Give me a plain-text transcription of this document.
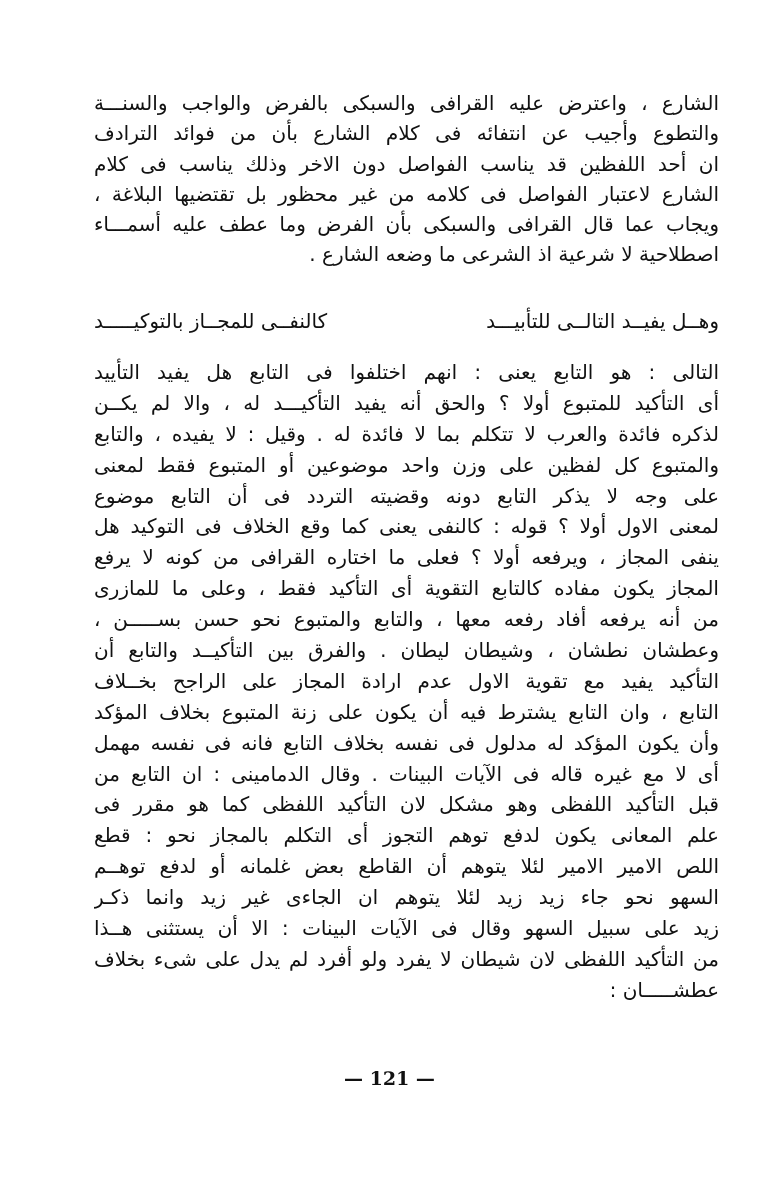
الشارع ، واعترض عليه القرافى والسبكى بالفرض والواجب والسنـــة
والتطوع وأجيب عن انتفائه فى كلام الشارع بأن من فوائد الترادف
ان أحد اللفظين قد يناسب الفواصل دون الاخر وذلك يناسب فى كلام
الشارع لاعتبار الفواصل فى كلامه من غير محظور بل تقتضيها البلاغة ،
ويجاب عما قال القرافى والسبكى بأن الفرض وما عطف عليه أسمـــاء
اصطلاحية لا شرعية اذ الشرعى ما وضعه الشارع .
وهــل يفيــد التالــى للتأبيـــد
كالنفــى للمجــاز بالتوكيـــــد
التالى : هو التابع يعنى : انهم اختلفوا فى التابع هل يفيد التأييد
أى التأكيد للمتبوع أولا ؟ والحق أنه يفيد التأكيـــد له ، والا لم يكــن
لذكره فائدة والعرب لا تتكلم بما لا فائدة له . وقيل : لا يفيده ، والتابع
والمتبوع كل لفظين على وزن واحد موضوعين أو المتبوع فقط لمعنى
على وجه لا يذكر التابع دونه وقضيته التردد فى أن التابع موضوع
لمعنى الاول أولا ؟ قوله : كالنفى يعنى كما وقع الخلاف فى التوكيد هل
ينفى المجاز ، ويرفعه أولا ؟ فعلى ما اختاره القرافى من كونه لا يرفع
المجاز يكون مفاده كالتابع التقوية أى التأكيد فقط ، وعلى ما للمازرى
من أنه يرفعه أفاد رفعه معها ، والتابع والمتبوع نحو حسن بســـــن ،
وعطشان نطشان ، وشيطان ليطان . والفرق بين التأكيــد والتابع أن
التأكيد يفيد مع تقوية الاول عدم ارادة المجاز على الراجح بخــلاف
التابع ، وان التابع يشترط فيه أن يكون على زنة المتبوع بخلاف المؤكد
وأن يكون المؤكد له مدلول فى نفسه بخلاف التابع فانه فى نفسه مهمل
أى لا مع غيره قاله فى الآيات البينات . وقال الدمامينى : ان التابع من
قبل التأكيد اللفظى وهو مشكل لان التأكيد اللفظى كما هو مقرر فى
علم المعانى يكون لدفع توهم التجوز أى التكلم بالمجاز نحو : قطع
اللص الامير الامير لئلا يتوهم أن القاطع بعض غلمانه أو لدفع توهــم
السهو نحو جاء زيد زيد لئلا يتوهم ان الجاءى غير زيد وانما ذكـر
زيد على سبيل السهو وقال فى الآيات البينات : الا أن يستثنى هــذا
من التأكيد اللفظى لان شيطان لا يفرد ولو أفرد لم يدل على شىء بخلاف
عطشـــــان :
— 121 —
